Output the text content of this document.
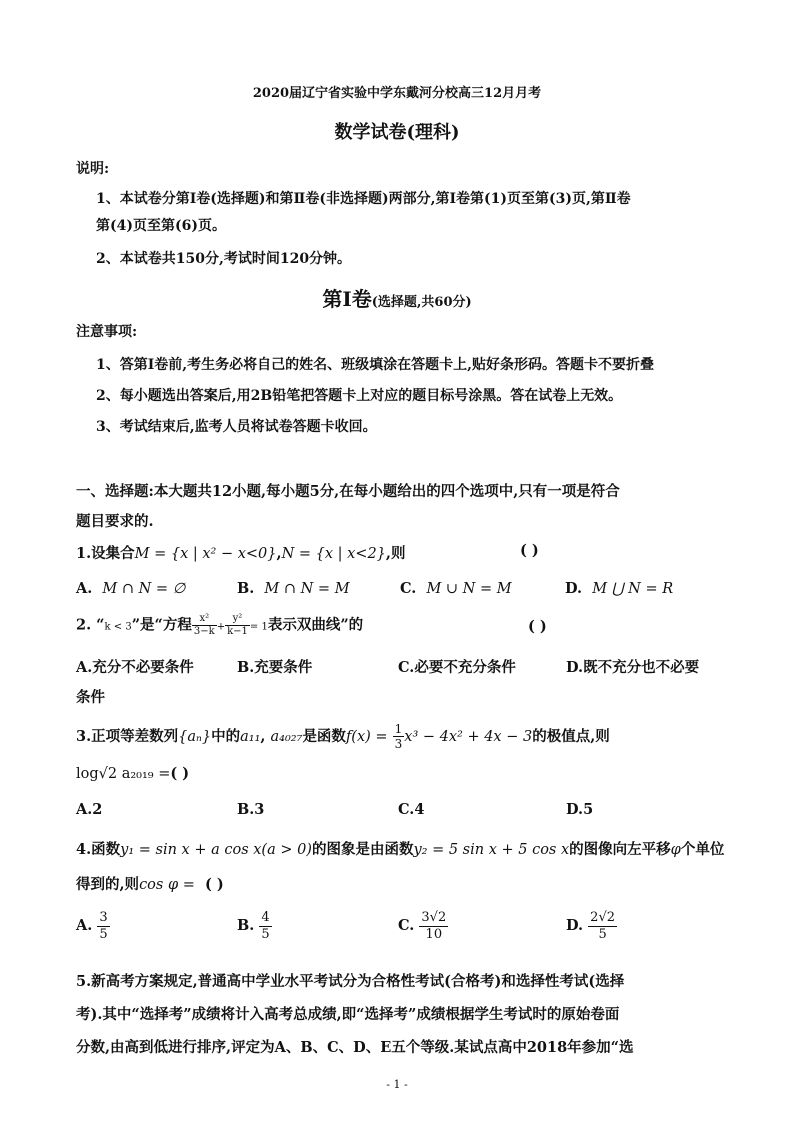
2020届辽宁省实验中学东戴河分校高三12月月考
数学试卷(理科)
说明:
1、本试卷分第Ⅰ卷(选择题)和第Ⅱ卷(非选择题)两部分,第Ⅰ卷第(1)页至第(3)页,第Ⅱ卷
第(4)页至第(6)页。
2、本试卷共150分,考试时间120分钟。
第Ⅰ卷(选择题,共60分)
注意事项:
1、答第Ⅰ卷前,考生务必将自己的姓名、班级填涂在答题卡上,贴好条形码。答题卡不要折叠
2、每小题选出答案后,用2B铅笔把答题卡上对应的题目标号涂黑。答在试卷上无效。
3、考试结束后,监考人员将试卷答题卡收回。
一、选择题:本大题共12小题,每小题5分,在每小题给出的四个选项中,只有一项是符合
题目要求的.
1.设集合M = {x | x² − x<0},N = {x | x<2},则	( )
A. M ∩ N = ∅	B. M ∩ N = M	C. M ∪ N = M	D. M ⋃ N = R
2. “k < 3”是“方程 $\frac{\text{x²}}{3-k} + \frac{\text{y²}}{k-1} = 1$表示双曲线”的	( )
A.充分不必要条件	B.充要条件	C.必要不充分条件	D.既不充分也不必要
条件
3.正项等差数列{aₙ}中的a₁₁, a₄₀₂₇是函数$f(x) = \frac{1}{3} x^3 - 4x^2 + 4x - 3$的极值点,则
log√2 a₂₀₁₉ =( )
A.2	B.3	C.4	D.5
4.函数y₁ = sin x + a cos x(a > 0)的图象是由函数y₂ = 5 sin x + 5 cos x的图像向左平移φ个单位
得到的,则cos φ = ( )
A. $\frac{3}{5}$	B. $\frac{4}{5}$	C. $\frac{3√2}{10}$	D. $\frac{2√2}{5}$
5.新高考方案规定,普通高中学业水平考试分为合格性考试(合格考)和选择性考试(选择
考).其中“选择考”成绩将计入高考总成绩,即“选择考”成绩根据学生考试时的原始卷面
分数,由高到低进行排序,评定为A、B、C、D、E五个等级.某试点高中2018年参加“选
- 1 -
